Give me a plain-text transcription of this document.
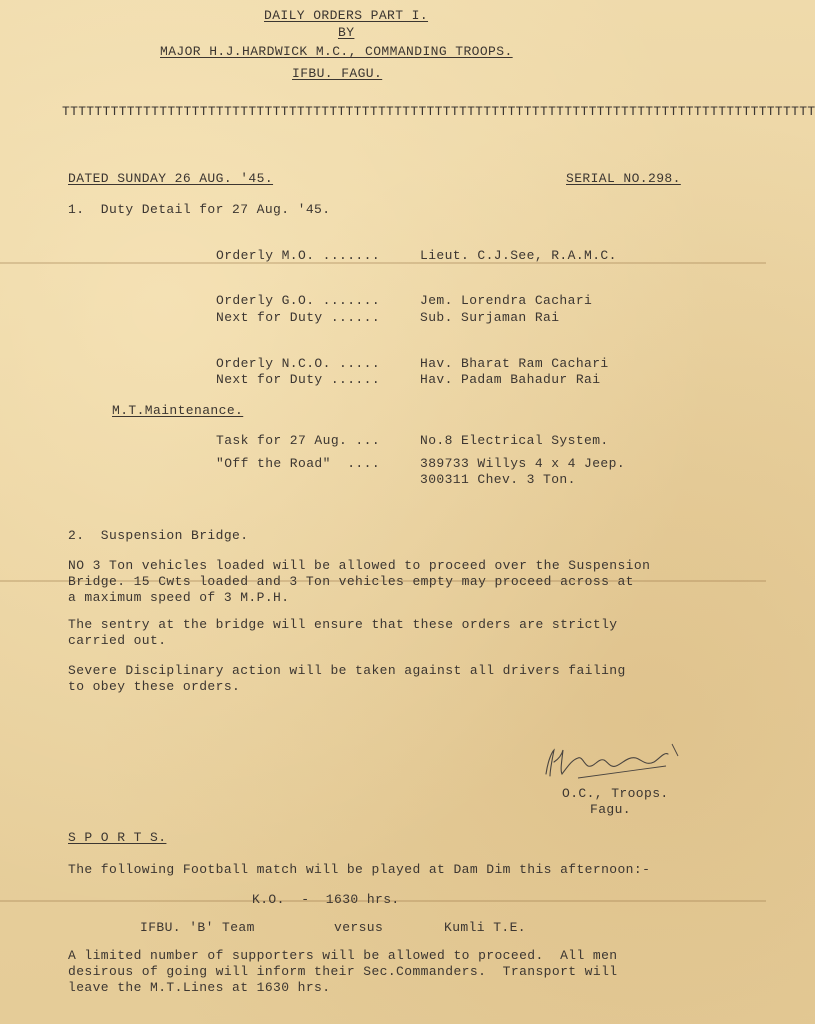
DAILY ORDERS PART I.
BY
MAJOR H.J.HARDWICK M.C., COMMANDING TROOPS.
IFBU. FAGU.
TTTTTTTTTTTTTTTTTTTTTTTTTTTTTTTTTTTTTTTTTTTTTTTTTTTTTTTTTTTTTTTTTTTTTTTTTTTTTTTTTTTTTTTTTTTTT
DATED SUNDAY 26 AUG. '45.	SERIAL NO.298.
1.  Duty Detail for 27 Aug. '45.
Orderly M.O. .......	Lieut. C.J.See, R.A.M.C.
Orderly G.O. .......	Jem. Lorendra Cachari
Next for Duty ......	Sub. Surjaman Rai
Orderly N.C.O. .....	Hav. Bharat Ram Cachari
Next for Duty ......	Hav. Padam Bahadur Rai
M.T.Maintenance.
Task for 27 Aug. ...	No.8 Electrical System.
"Off the Road"  ....	389733 Willys 4 x 4 Jeep.
300311 Chev. 3 Ton.
2.  Suspension Bridge.
NO 3 Ton vehicles loaded will be allowed to proceed over the Suspension
Bridge. 15 Cwts loaded and 3 Ton vehicles empty may proceed across at
a maximum speed of 3 M.P.H.
The sentry at the bridge will ensure that these orders are strictly
carried out.
Severe Disciplinary action will be taken against all drivers failing
to obey these orders.
O.C., Troops.
Fagu.
S P O R T S.
The following Football match will be played at Dam Dim this afternoon:-
K.O.  -  1630 hrs.
IFBU. 'B' Team	versus	Kumli T.E.
A limited number of supporters will be allowed to proceed.  All men
desirous of going will inform their Sec.Commanders.  Transport will
leave the M.T.Lines at 1630 hrs.
